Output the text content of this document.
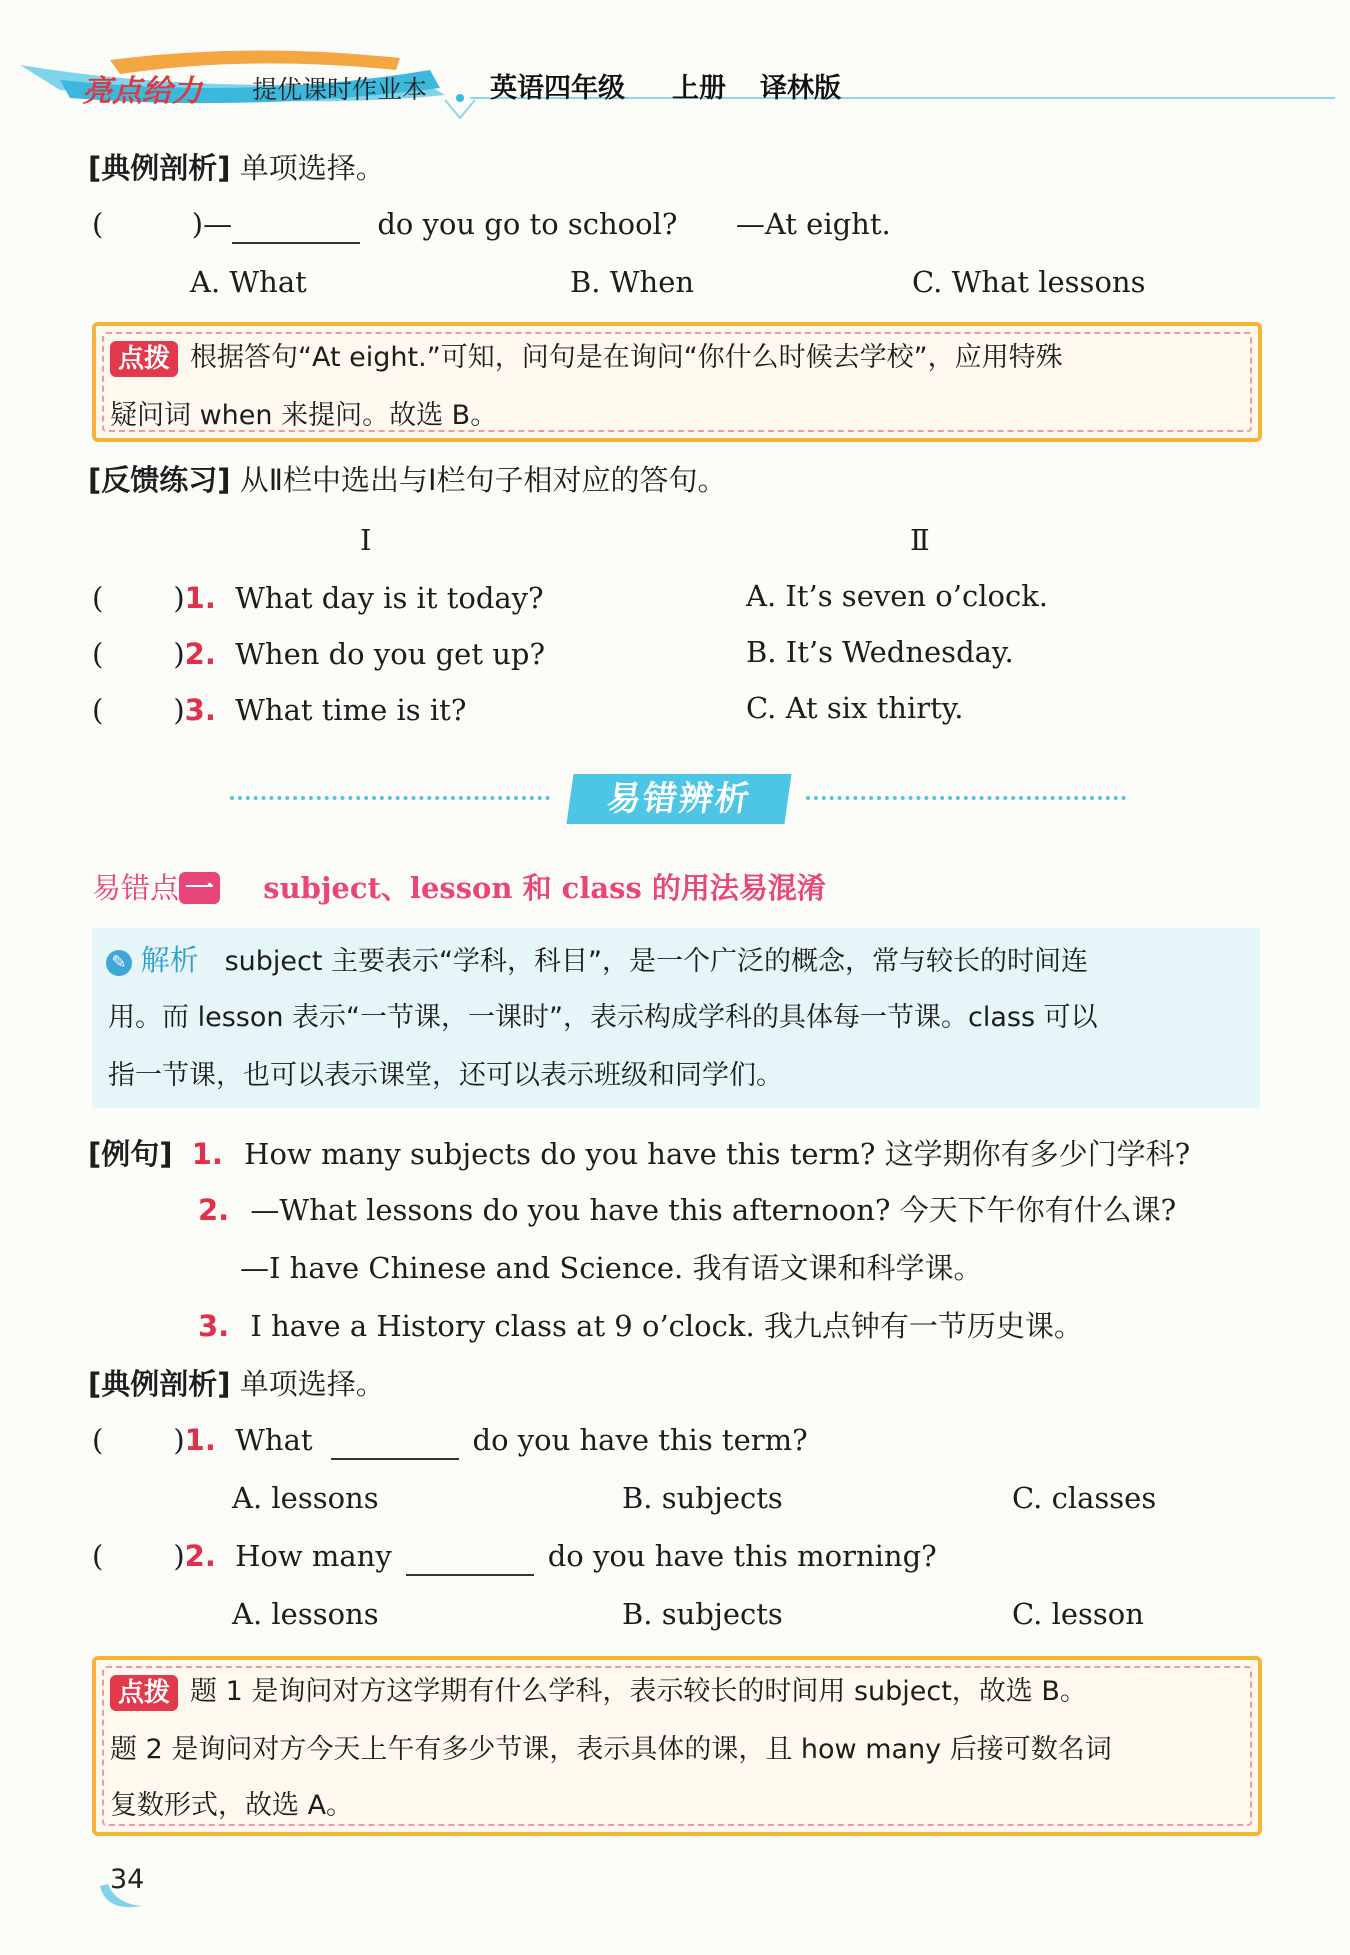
亮点给力 提优课时作业本 英语四年级 上册 译林版
[典例剖析] 单项选择。
(	)—	do you go to school? —At eight.
A. What	B. When	C. What lessons
点拨 根据答句“At eight.”可知，问句是在询问“你什么时候去学校”，应用特殊
疑问词 when 来提问。故选 B。
[反馈练习] 从Ⅱ栏中选出与Ⅰ栏句子相对应的答句。
Ⅰ	Ⅱ
( )1. What day is it today?	A. It’s seven o’clock.
( )2. When do you get up?	B. It’s Wednesday.
( )3. What time is it?	C. At six thirty.
易错辨析
易错点 一 subject、lesson 和 class 的用法易混淆
✎ 解析 subject 主要表示“学科，科目”，是一个广泛的概念，常与较长的时间连
用。而 lesson 表示“一节课，一课时”，表示构成学科的具体每一节课。class 可以
指一节课，也可以表示课堂，还可以表示班级和同学们。
[例句] 1. How many subjects do you have this term? 这学期你有多少门学科?
2. —What lessons do you have this afternoon? 今天下午你有什么课?
—I have Chinese and Science. 我有语文课和科学课。
3. I have a History class at 9 o’clock. 我九点钟有一节历史课。
[典例剖析] 单项选择。
( )1. What	do you have this term?
A. lessons	B. subjects	C. classes
( )2. How many	do you have this morning?
A. lessons	B. subjects	C. lesson
点拨 题 1 是询问对方这学期有什么学科，表示较长的时间用 subject，故选 B。
题 2 是询问对方今天上午有多少节课，表示具体的课，且 how many 后接可数名词
复数形式，故选 A。
34
